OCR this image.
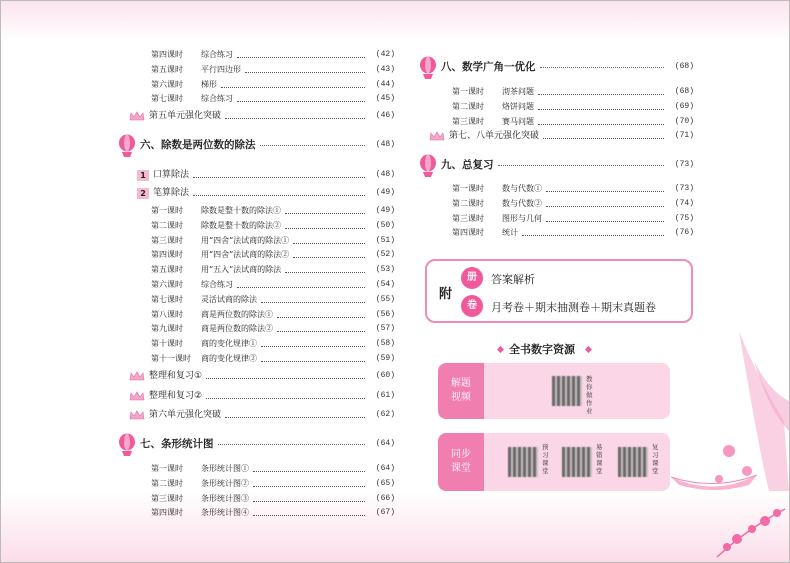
附
册	答案解析
卷	月考卷＋期末抽测卷＋期末真题卷
全书数字资源
解题视频
教你做作业
同步课堂
预习课堂
易错课堂
复习课堂
第四课时 综合练习	(42)
第五课时 平行四边形	(43)
第六课时 梯形	(44)
第七课时 综合练习	(45)
第五单元强化突破	(46)
六、除数是两位数的除法	(48)
1 口算除法	(48)
2 笔算除法	(49)
第一课时 除数是整十数的除法①	(49)
第二课时 除数是整十数的除法②	(50)
第三课时 用“四舍”法试商的除法①	(51)
第四课时 用“四舍”法试商的除法②	(52)
第五课时 用“五入”法试商的除法	(53)
第六课时 综合练习	(54)
第七课时 灵活试商的除法	(55)
第八课时 商是两位数的除法①	(56)
第九课时 商是两位数的除法②	(57)
第十课时 商的变化规律①	(58)
第十一课时 商的变化规律②	(59)
整理和复习①	(60)
整理和复习②	(61)
第六单元强化突破	(62)
七、条形统计图	(64)
第一课时 条形统计图①	(64)
第二课时 条形统计图②	(65)
第三课时 条形统计图③	(66)
第四课时 条形统计图④	(67)
八、数学广角一优化	(68)
第一课时 沏茶问题	(68)
第二课时 烙饼问题	(69)
第三课时 赛马问题	(70)
第七、八单元强化突破	(71)
九、总复习	(73)
第一课时 数与代数①	(73)
第二课时 数与代数②	(74)
第三课时 图形与几何	(75)
第四课时 统计	(76)
